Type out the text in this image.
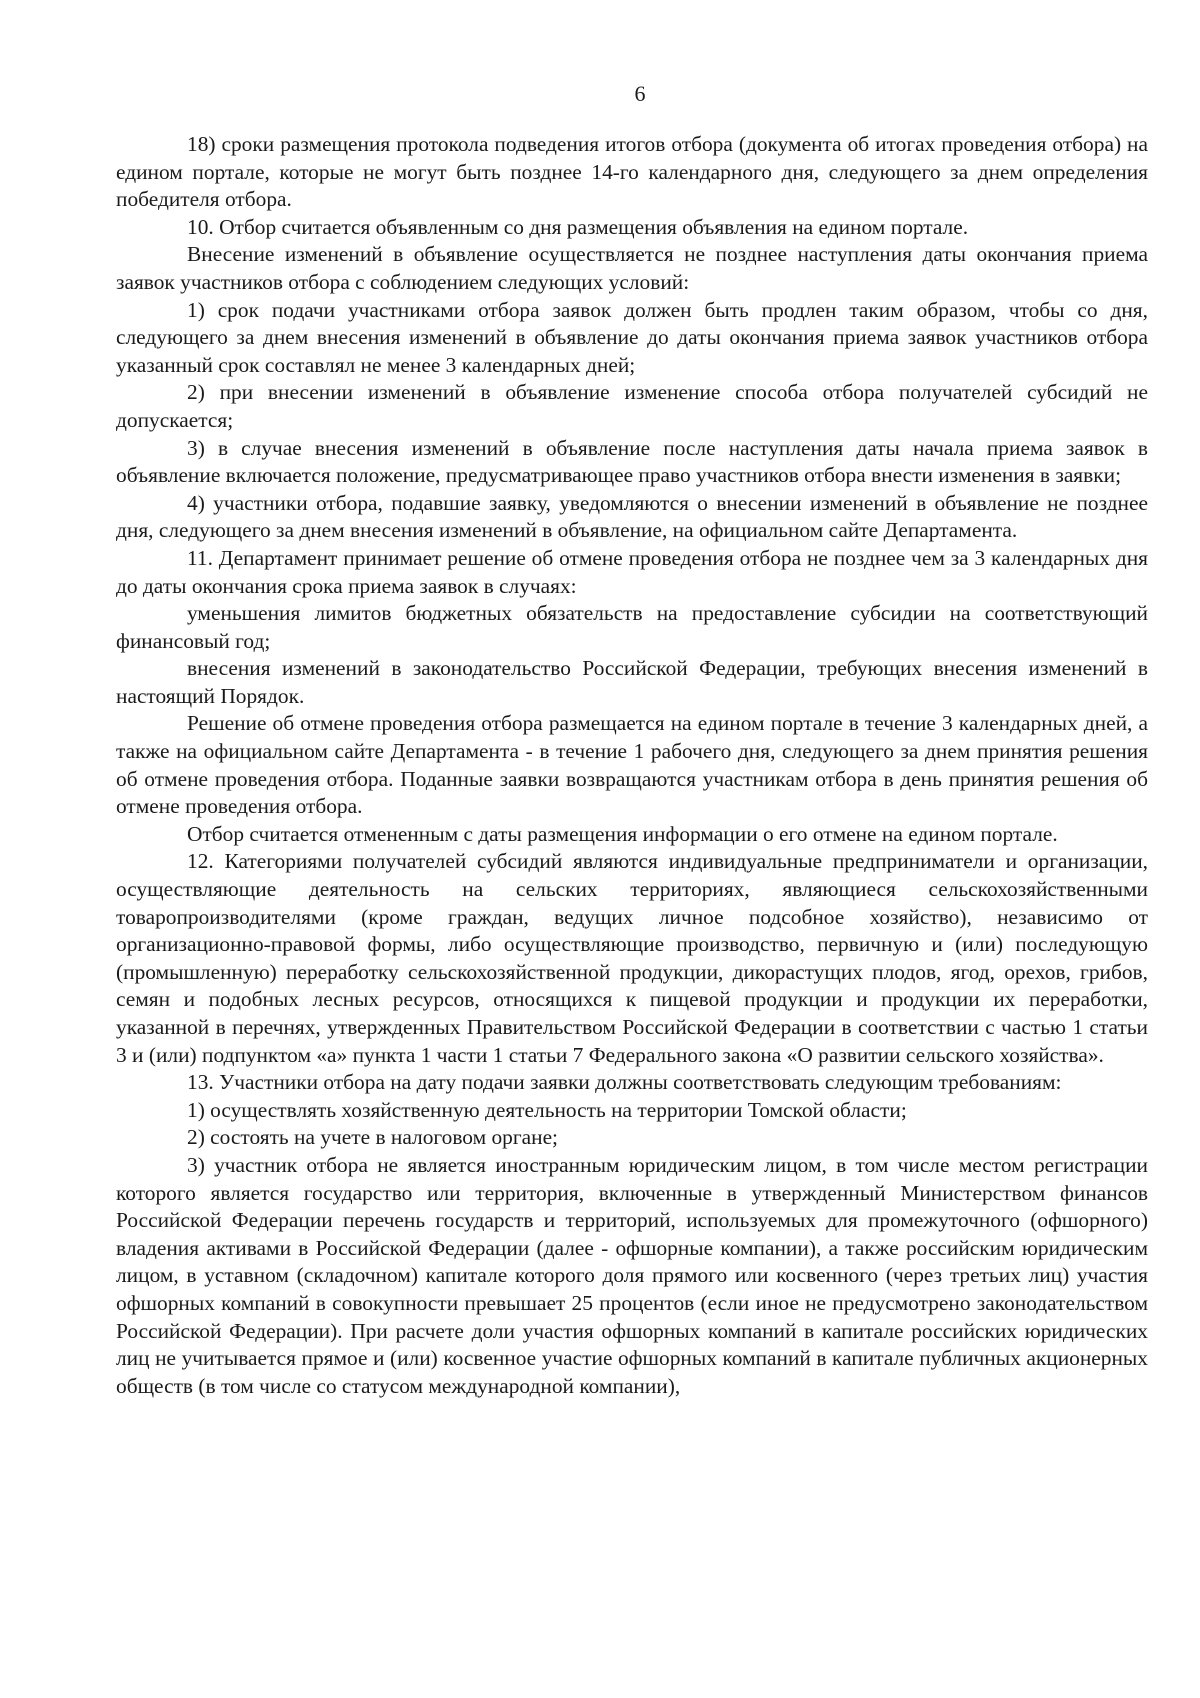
6

18) сроки размещения протокола подведения итогов отбора (документа об итогах проведения отбора) на едином портале, которые не могут быть позднее 14-го календарного дня, следующего за днем определения победителя отбора.

10. Отбор считается объявленным со дня размещения объявления на едином портале.

Внесение изменений в объявление осуществляется не позднее наступления даты окончания приема заявок участников отбора с соблюдением следующих условий:

1) срок подачи участниками отбора заявок должен быть продлен таким образом, чтобы со дня, следующего за днем внесения изменений в объявление до даты окончания приема заявок участников отбора указанный срок составлял не менее 3 календарных дней;

2) при внесении изменений в объявление изменение способа отбора получателей субсидий не допускается;

3) в случае внесения изменений в объявление после наступления даты начала приема заявок в объявление включается положение, предусматривающее право участников отбора внести изменения в заявки;

4) участники отбора, подавшие заявку, уведомляются о внесении изменений в объявление не позднее дня, следующего за днем внесения изменений в объявление, на официальном сайте Департамента.

11. Департамент принимает решение об отмене проведения отбора не позднее чем за 3 календарных дня до даты окончания срока приема заявок в случаях:

уменьшения лимитов бюджетных обязательств на предоставление субсидии на соответствующий финансовый год;

внесения изменений в законодательство Российской Федерации, требующих внесения изменений в настоящий Порядок.

Решение об отмене проведения отбора размещается на едином портале в течение 3 календарных дней, а также на официальном сайте Департамента - в течение 1 рабочего дня, следующего за днем принятия решения об отмене проведения отбора. Поданные заявки возвращаются участникам отбора в день принятия решения об отмене проведения отбора.

Отбор считается отмененным с даты размещения информации о его отмене на едином портале.

12. Категориями получателей субсидий являются индивидуальные предприниматели и организации, осуществляющие деятельность на сельских территориях, являющиеся сельскохозяйственными товаропроизводителями (кроме граждан, ведущих личное подсобное хозяйство), независимо от организационно-правовой формы, либо осуществляющие производство, первичную и (или) последующую (промышленную) переработку сельскохозяйственной продукции, дикорастущих плодов, ягод, орехов, грибов, семян и подобных лесных ресурсов, относящихся к пищевой продукции и продукции их переработки, указанной в перечнях, утвержденных Правительством Российской Федерации в соответствии с частью 1 статьи 3 и (или) подпунктом «а» пункта 1 части 1 статьи 7 Федерального закона «О развитии сельского хозяйства».

13. Участники отбора на дату подачи заявки должны соответствовать следующим требованиям:

1) осуществлять хозяйственную деятельность на территории Томской области;

2) состоять на учете в налоговом органе;

3) участник отбора не является иностранным юридическим лицом, в том числе местом регистрации которого является государство или территория, включенные в утвержденный Министерством финансов Российской Федерации перечень государств и территорий, используемых для промежуточного (офшорного) владения активами в Российской Федерации (далее - офшорные компании), а также российским юридическим лицом, в уставном (складочном) капитале которого доля прямого или косвенного (через третьих лиц) участия офшорных компаний в совокупности превышает 25 процентов (если иное не предусмотрено законодательством Российской Федерации). При расчете доли участия офшорных компаний в капитале российских юридических лиц не учитывается прямое и (или) косвенное участие офшорных компаний в капитале публичных акционерных обществ (в том числе со статусом международной компании),
